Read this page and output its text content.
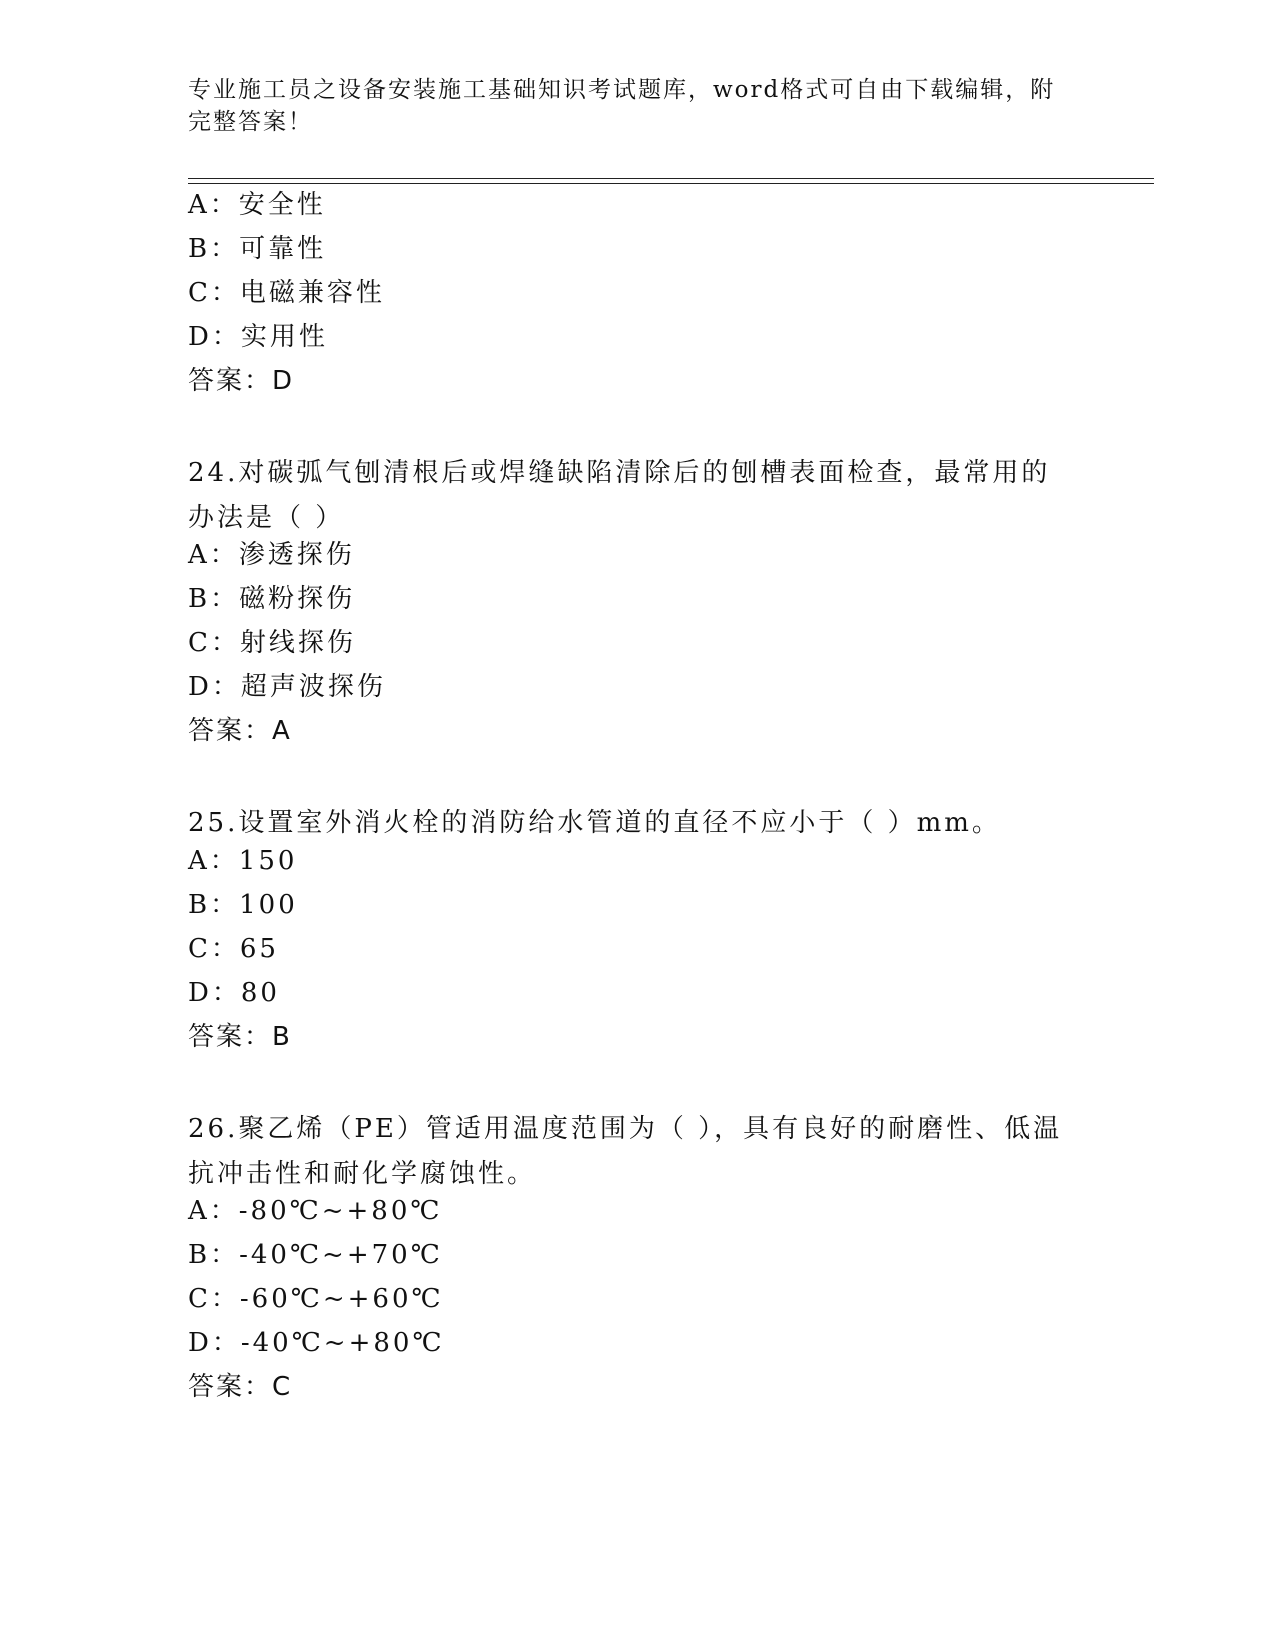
专业施工员之设备安装施工基础知识考试题库，word格式可自由下载编辑，附完整答案！
A：安全性
B：可靠性
C：电磁兼容性
D：实用性
答案：D
24.对碳弧气刨清根后或焊缝缺陷清除后的刨槽表面检查，最常用的办法是（ ）
A：渗透探伤
B：磁粉探伤
C：射线探伤
D：超声波探伤
答案：A
25.设置室外消火栓的消防给水管道的直径不应小于（ ）mm。
A：150
B：100
C：65
D：80
答案：B
26.聚乙烯（PE）管适用温度范围为（ ），具有良好的耐磨性、低温抗冲击性和耐化学腐蚀性。
A：-80℃~+80℃
B：-40℃~+70℃
C：-60℃~+60℃
D：-40℃~+80℃
答案：C
